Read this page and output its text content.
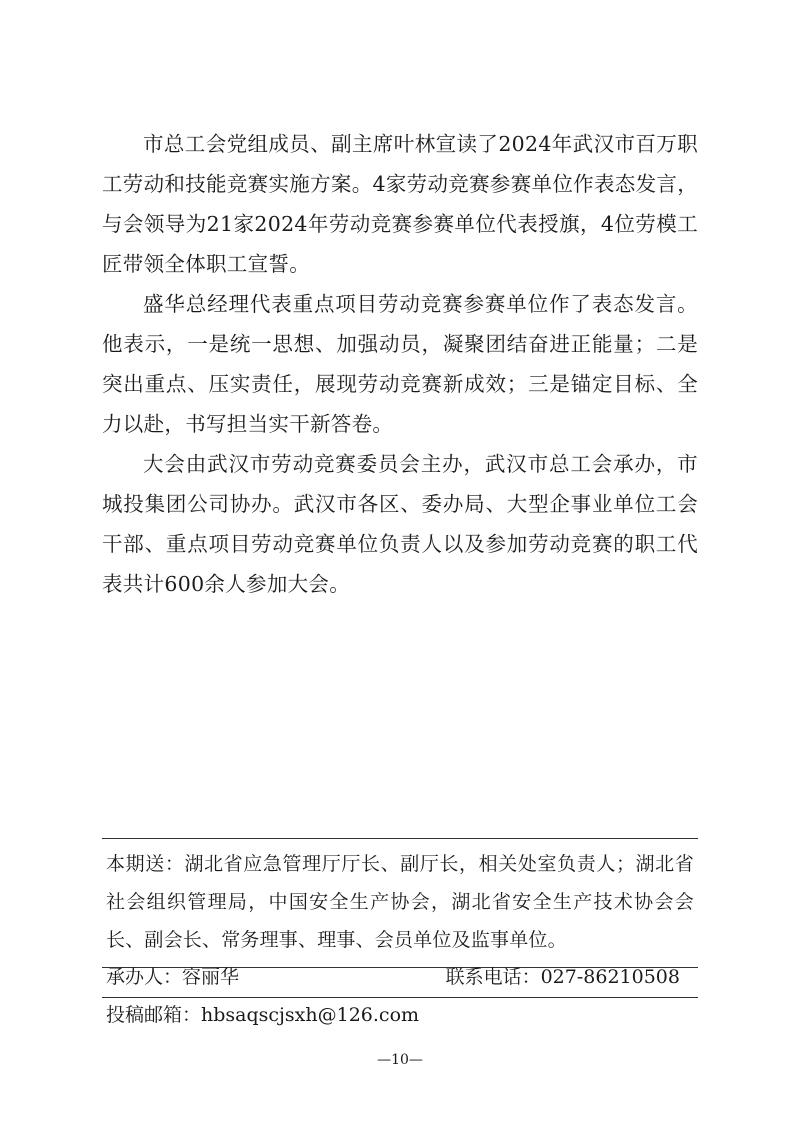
市总工会党组成员、副主席叶林宣读了2024年武汉市百万职工劳动和技能竞赛实施方案。4家劳动竞赛参赛单位作表态发言，与会领导为21家2024年劳动竞赛参赛单位代表授旗，4位劳模工匠带领全体职工宣誓。

盛华总经理代表重点项目劳动竞赛参赛单位作了表态发言。他表示，一是统一思想、加强动员，凝聚团结奋进正能量；二是突出重点、压实责任，展现劳动竞赛新成效；三是锚定目标、全力以赴，书写担当实干新答卷。

大会由武汉市劳动竞赛委员会主办，武汉市总工会承办，市城投集团公司协办。武汉市各区、委办局、大型企事业单位工会干部、重点项目劳动竞赛单位负责人以及参加劳动竞赛的职工代表共计600余人参加大会。

本期送：湖北省应急管理厅厅长、副厅长，相关处室负责人；湖北省社会组织管理局，中国安全生产协会，湖北省安全生产技术协会会长、副会长、常务理事、理事、会员单位及监事单位。
承办人：容丽华	联系电话：027-86210508
投稿邮箱：hbsaqscjsxh@126.com
—10—
